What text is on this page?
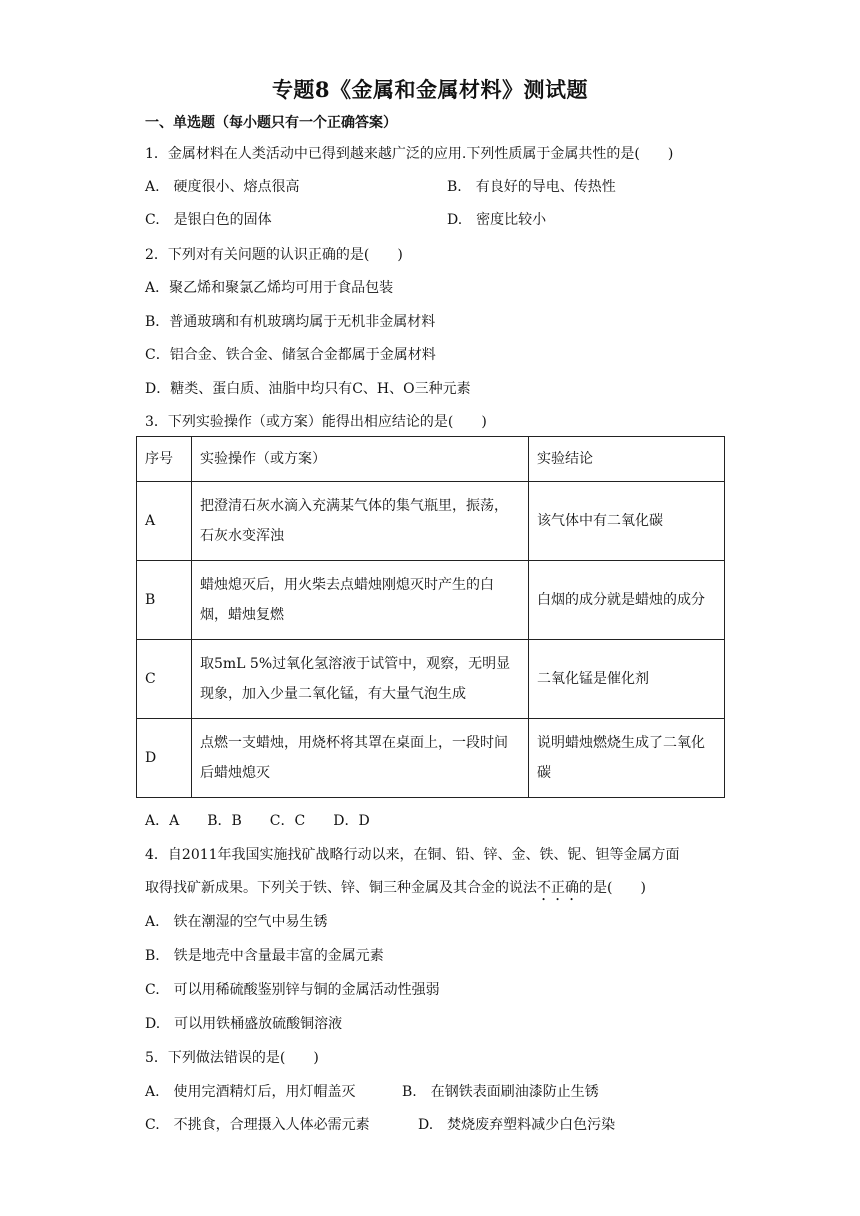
专题8《金属和金属材料》测试题
一、单选题（每小题只有一个正确答案）
1．金属材料在人类活动中已得到越来越广泛的应用.下列性质属于金属共性的是(　　)
A.　硬度很小、熔点很高	B.　有良好的导电、传热性
C.　是银白色的固体	D.　密度比较小
2．下列对有关问题的认识正确的是(　　)
A．聚乙烯和聚氯乙烯均可用于食品包装
B．普通玻璃和有机玻璃均属于无机非金属材料
C．铝合金、铁合金、储氢合金都属于金属材料
D．糖类、蛋白质、油脂中均只有C、H、O三种元素
3．下列实验操作（或方案）能得出相应结论的是(　　)
序号	实验操作（或方案）	实验结论
A	把澄清石灰水滴入充满某气体的集气瓶里，振荡，石灰水变浑浊	该气体中有二氧化碳
B	蜡烛熄灭后，用火柴去点蜡烛刚熄灭时产生的白烟，蜡烛复燃	白烟的成分就是蜡烛的成分
C	取5mL 5%过氧化氢溶液于试管中，观察，无明显现象，加入少量二氧化锰，有大量气泡生成	二氧化锰是催化剂
D	点燃一支蜡烛，用烧杯将其罩在桌面上，一段时间后蜡烛熄灭	说明蜡烛燃烧生成了二氧化碳
A．A　　B．B　　C．C　　D．D
4．自2011年我国实施找矿战略行动以来，在铜、铅、锌、金、铁、铌、钽等金属方面
取得找矿新成果。下列关于铁、锌、铜三种金属及其合金的说法不正确的是(　　)
A.　铁在潮湿的空气中易生锈
B.　铁是地壳中含量最丰富的金属元素
C.　可以用稀硫酸鉴别锌与铜的金属活动性强弱
D.　可以用铁桶盛放硫酸铜溶液
5．下列做法错误的是(　　)
A.　使用完酒精灯后，用灯帽盖灭	B.　在钢铁表面刷油漆防止生锈
C.　不挑食，合理摄入人体必需元素	D.　焚烧废弃塑料减少白色污染
